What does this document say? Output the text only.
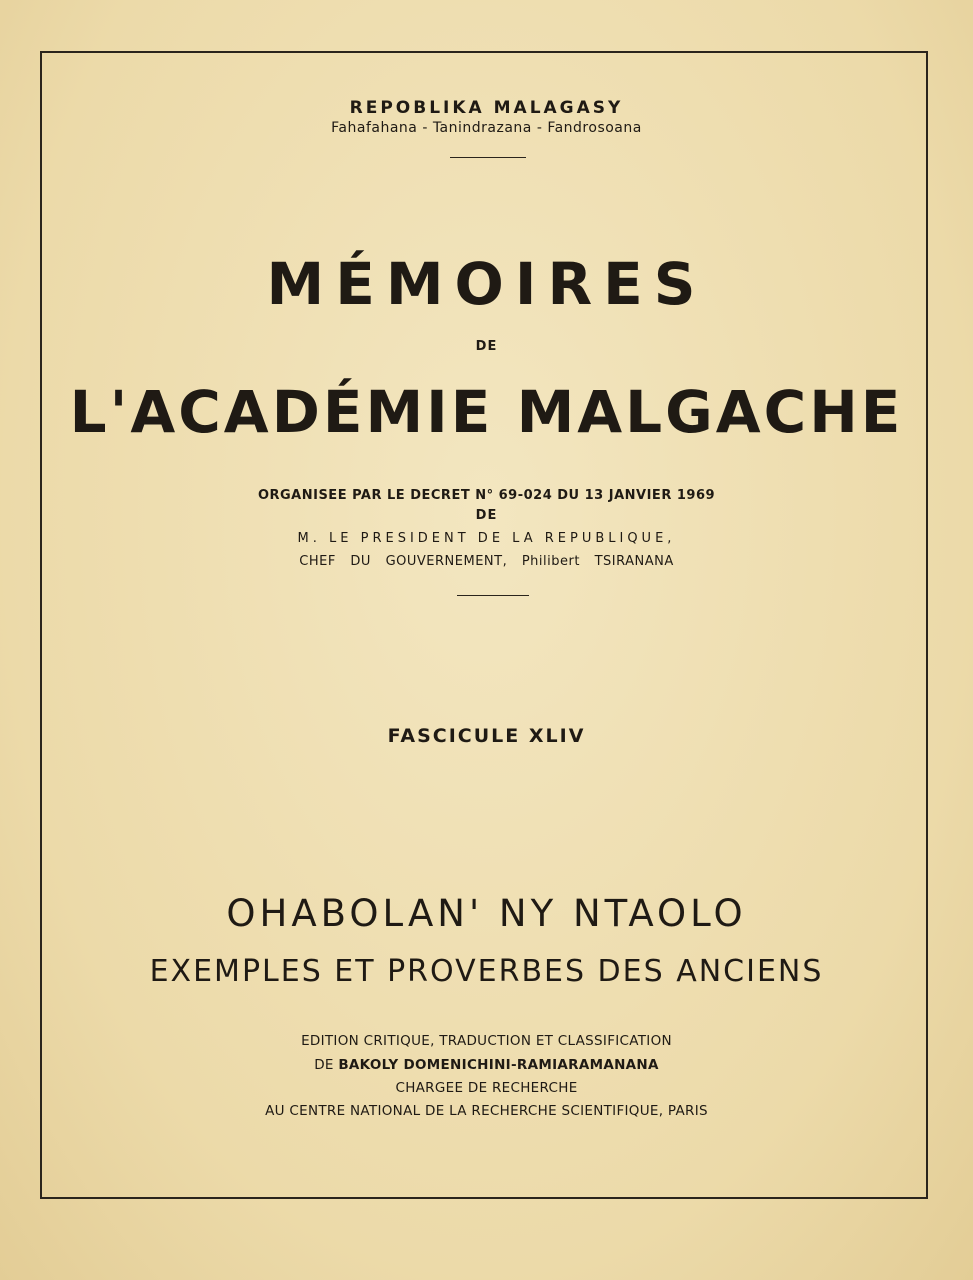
REPOBLIKA MALAGASY
Fahafahana - Tanindrazana - Fandrosoana
MÉMOIRES
DE
L'ACADÉMIE MALGACHE
ORGANISEE PAR LE DECRET N° 69-024 DU 13 JANVIER 1969
DE
M. LE PRESIDENT DE LA REPUBLIQUE,
CHEF DU GOUVERNEMENT, Philibert TSIRANANA
FASCICULE XLIV
OHABOLAN' NY NTAOLO
EXEMPLES ET PROVERBES DES ANCIENS
EDITION CRITIQUE, TRADUCTION ET CLASSIFICATION
DE BAKOLY DOMENICHINI-RAMIARAMANANA
CHARGEE DE RECHERCHE
AU CENTRE NATIONAL DE LA RECHERCHE SCIENTIFIQUE, PARIS
